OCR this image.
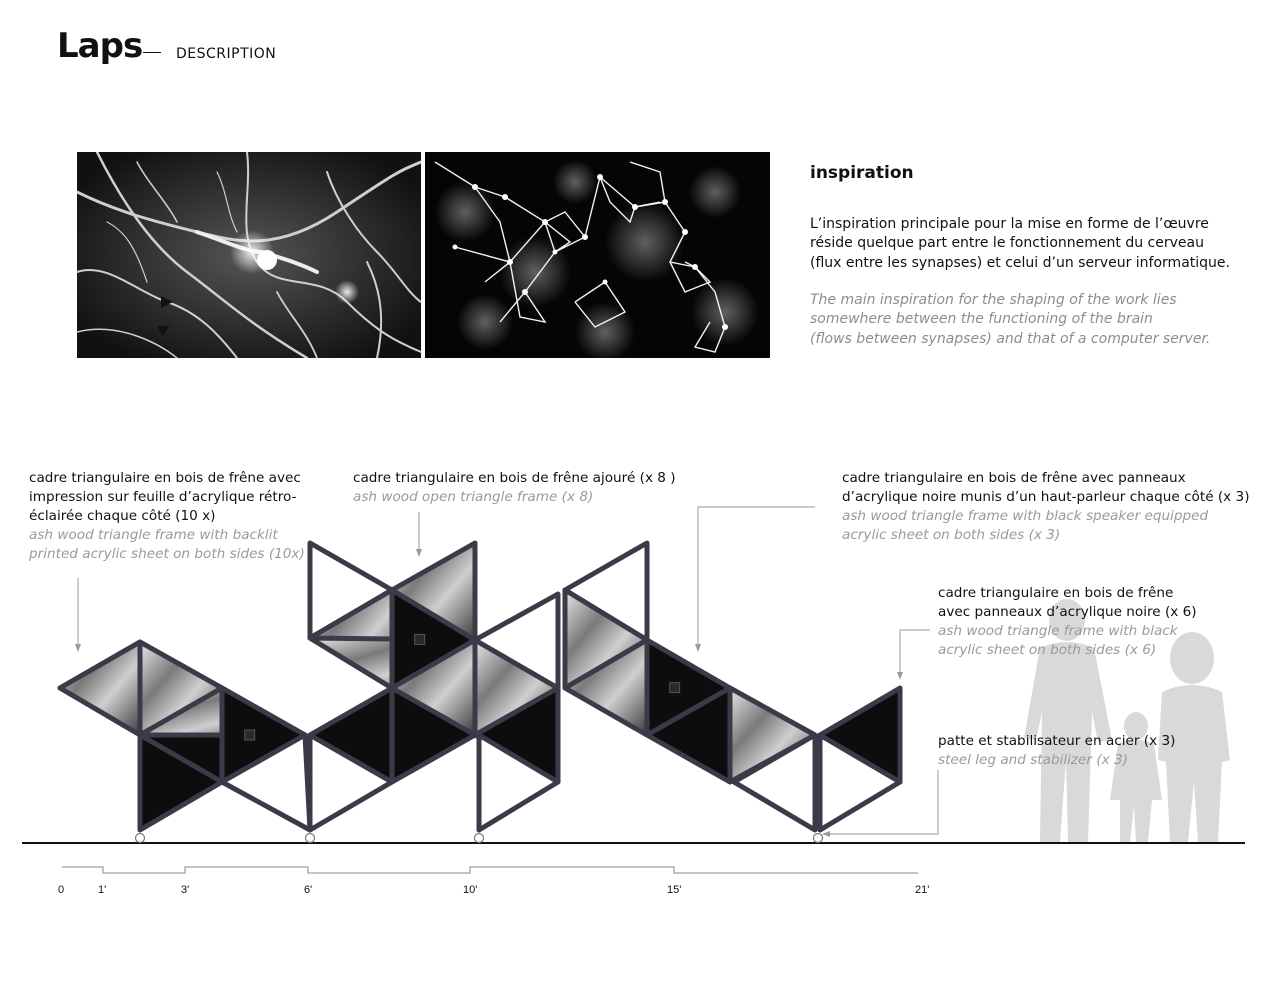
Laps DESCRIPTION
inspiration
L’inspiration principale pour la mise en forme de l’œuvre
réside quelque part entre le fonctionnement du cerveau
(flux entre les synapses) et celui d’un serveur informatique.
The main inspiration for the shaping of the work lies
somewhere between the functioning of the brain
(flows between synapses) and that of a computer server.
0	1'	3'	6'	10'	15'	21'
cadre triangulaire en bois de frêne avec
impression sur feuille d’acrylique rétro-
éclairée chaque côté (10 x)
ash wood triangle frame with backlit
printed acrylic sheet on both sides (10x)
cadre triangulaire en bois de frêne ajouré (x 8 )
ash wood open triangle frame (x 8)
cadre triangulaire en bois de frêne avec panneaux
d’acrylique noire munis d’un haut-parleur chaque côté (x 3)
ash wood triangle frame with black speaker equipped
acrylic sheet on both sides (x 3)
cadre triangulaire en bois de frêne
avec panneaux d’acrylique noire (x 6)
ash wood triangle frame with black
acrylic sheet on both sides (x 6)
patte et stabilisateur en acier (x 3)
steel leg and stabilizer (x 3)
